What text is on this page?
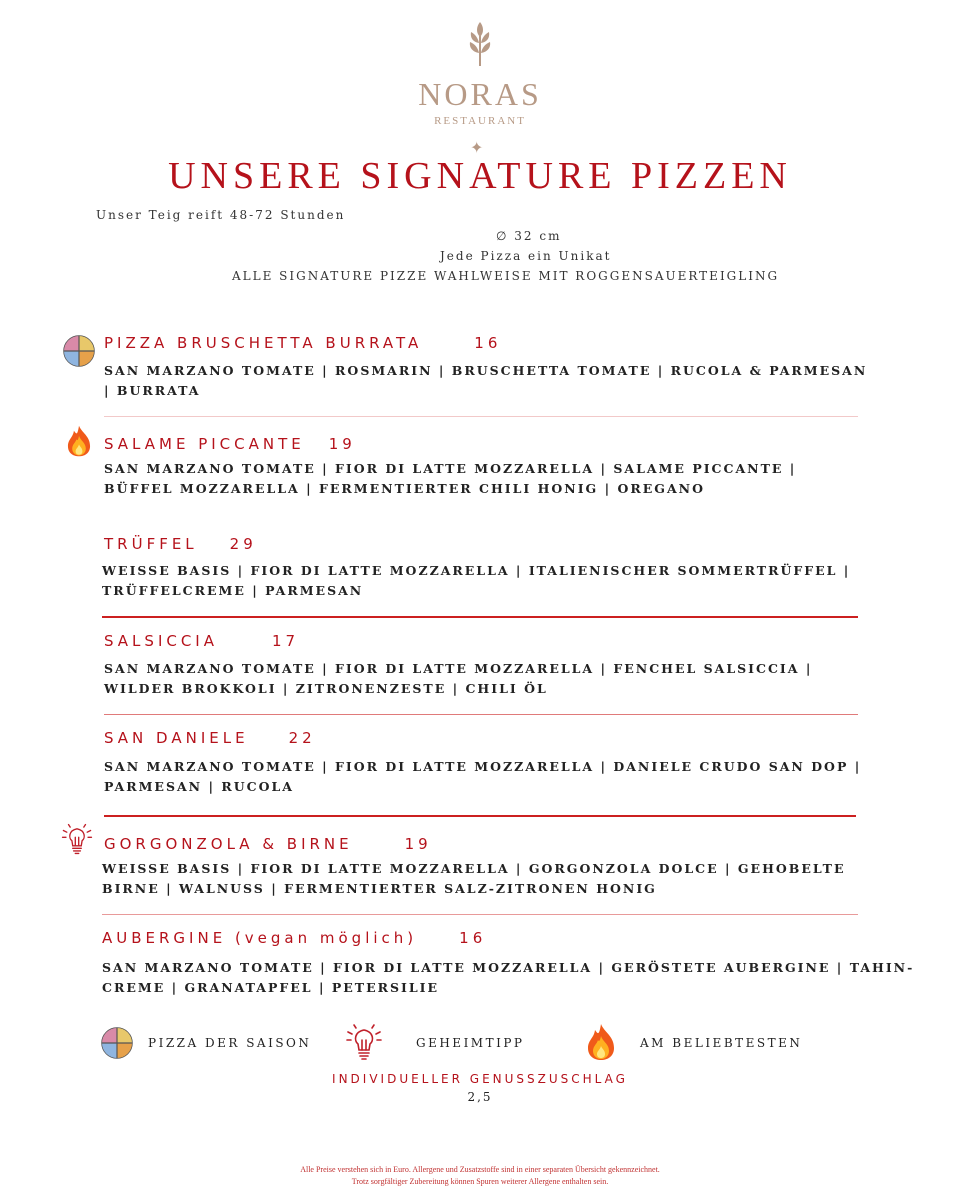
NORAS
RESTAURANT
✦
UNSERE SIGNATURE PIZZEN
Unser Teig reift 48-72 Stunden
∅ 32 cm
Jede Pizza ein Unikat
ALLE SIGNATURE PIZZE WAHLWEISE MIT ROGGENSAUERTEIGLING
PIZZA BRUSCHETTA BURRATA	16
SAN MARZANO TOMATE | ROSMARIN | BRUSCHETTA TOMATE | RUCOLA & PARMESAN
| BURRATA
SALAME PICCANTE 19
SAN MARZANO TOMATE | FIOR DI LATTE MOZZARELLA | SALAME PICCANTE |
BÜFFEL MOZZARELLA | FERMENTIERTER CHILI HONIG | OREGANO
TRÜFFEL 29
WEISSE BASIS | FIOR DI LATTE MOZZARELLA | ITALIENISCHER SOMMERTRÜFFEL |
TRÜFFELCREME | PARMESAN
SALSICCIA	17
SAN MARZANO TOMATE | FIOR DI LATTE MOZZARELLA | FENCHEL SALSICCIA |
WILDER BROKKOLI | ZITRONENZESTE | CHILI ÖL
SAN DANIELE	22
SAN MARZANO TOMATE | FIOR DI LATTE MOZZARELLA | DANIELE CRUDO SAN DOP |
PARMESAN | RUCOLA
GORGONZOLA & BIRNE	19
WEISSE BASIS | FIOR DI LATTE MOZZARELLA | GORGONZOLA DOLCE | GEHOBELTE
BIRNE | WALNUSS | FERMENTIERTER SALZ-ZITRONEN HONIG
AUBERGINE (vegan möglich)	16
SAN MARZANO TOMATE | FIOR DI LATTE MOZZARELLA | GERÖSTETE AUBERGINE | TAHIN-
CREME | GRANATAPFEL | PETERSILIE
PIZZA DER SAISON	GEHEIMTIPP	AM BELIEBTESTEN
INDIVIDUELLER GENUSSZUSCHLAG
2,5
Alle Preise verstehen sich in Euro. Allergene und Zusatzstoffe sind in einer separaten Übersicht gekennzeichnet.
Trotz sorgfältiger Zubereitung können Spuren weiterer Allergene enthalten sein.
